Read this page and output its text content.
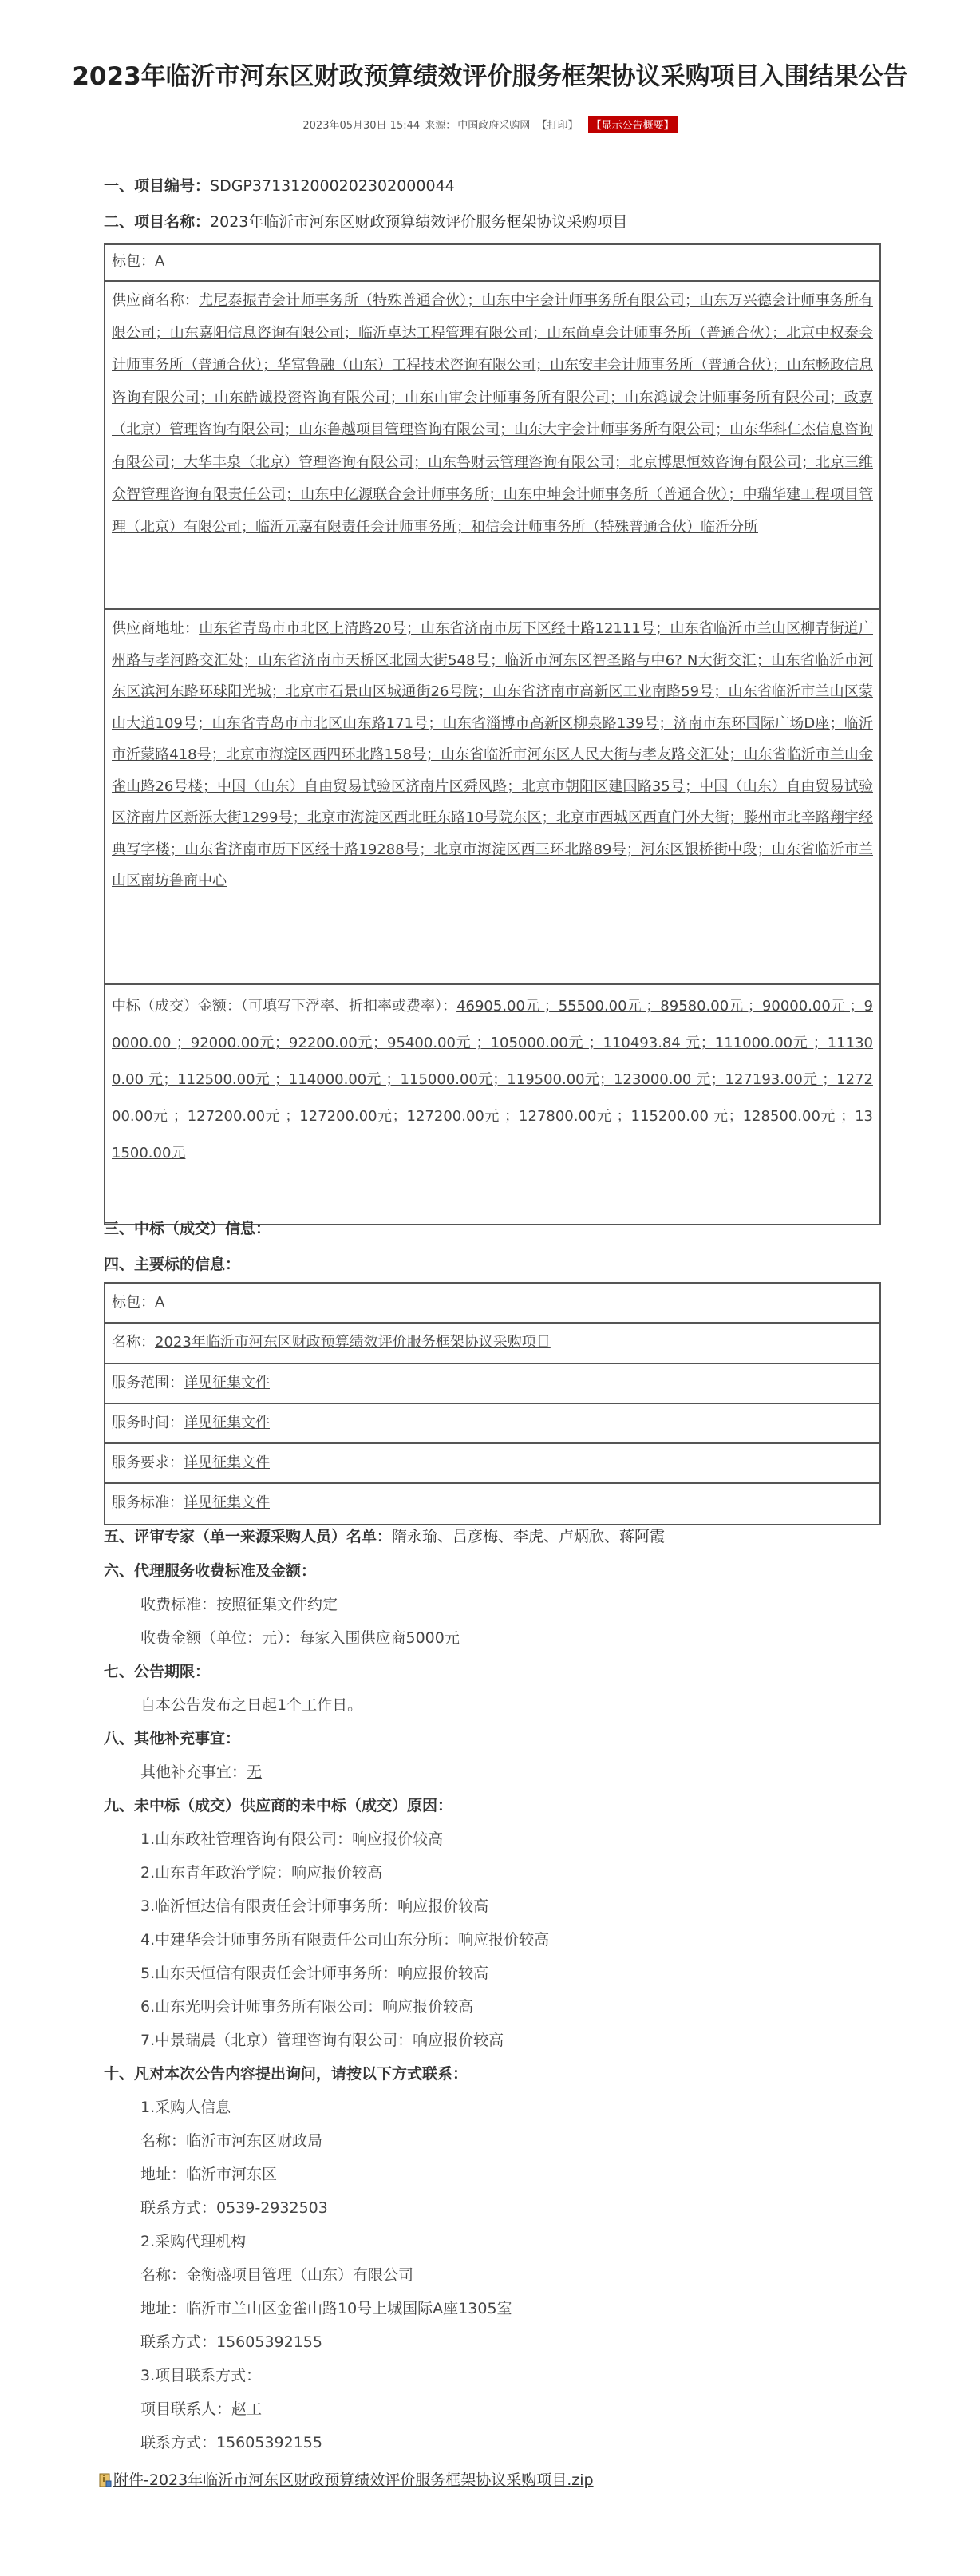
2023年临沂市河东区财政预算绩效评价服务框架协议采购项目入围结果公告
2023年05月30日 15:44 来源： 中国政府采购网 【打印】 【显示公告概要】
一、项目编号：SDGP371312000202302000044
二、项目名称：2023年临沂市河东区财政预算绩效评价服务框架协议采购项目
标包：A
供应商名称：尤尼泰振青会计师事务所（特殊普通合伙）；山东中宇会计师事务所有限公司；山东万兴德会计师事务所有限公司；山东嘉阳信息咨询有限公司；临沂卓达工程管理有限公司；山东尚卓会计师事务所（普通合伙）；北京中权泰会计师事务所（普通合伙）；华富鲁融（山东）工程技术咨询有限公司；山东安丰会计师事务所（普通合伙）；山东畅政信息咨询有限公司；山东皓诚投资咨询有限公司；山东山审会计师事务所有限公司；山东鸿诚会计师事务所有限公司；政嘉（北京）管理咨询有限公司；山东鲁越项目管理咨询有限公司；山东大宇会计师事务所有限公司；山东华科仁杰信息咨询有限公司；大华丰泉（北京）管理咨询有限公司；山东鲁财云管理咨询有限公司；北京博思恒效咨询有限公司；北京三维众智管理咨询有限责任公司；山东中亿源联合会计师事务所；山东中坤会计师事务所（普通合伙）；中瑞华建工程项目管理（北京）有限公司；临沂元嘉有限责任会计师事务所；和信会计师事务所（特殊普通合伙）临沂分所
供应商地址：山东省青岛市市北区上清路20号；山东省济南市历下区经十路12111号；山东省临沂市兰山区柳青街道广州路与孝河路交汇处；山东省济南市天桥区北园大街548号；临沂市河东区智圣路与中6? N大街交汇；山东省临沂市河东区滨河东路环球阳光城；北京市石景山区城通街26号院；山东省济南市高新区工业南路59号；山东省临沂市兰山区蒙山大道109号；山东省青岛市市北区山东路171号；山东省淄博市高新区柳泉路139号；济南市东环国际广场D座；临沂市沂蒙路418号；北京市海淀区西四环北路158号；山东省临沂市河东区人民大街与孝友路交汇处；山东省临沂市兰山金雀山路26号楼；中国（山东）自由贸易试验区济南片区舜风路；北京市朝阳区建国路35号；中国（山东）自由贸易试验区济南片区新泺大街1299号；北京市海淀区西北旺东路10号院东区；北京市西城区西直门外大街；滕州市北辛路翔宇经典写字楼；山东省济南市历下区经十路19288号；北京市海淀区西三环北路89号；河东区银桥街中段；山东省临沂市兰山区南坊鲁商中心
中标（成交）金额：（可填写下浮率、折扣率或费率）：46905.00元 ；55500.00元 ；89580.00元 ；90000.00元 ；90000.00 ；92000.00元；92200.00元；95400.00元 ；105000.00元 ；110493.84 元；111000.00元 ；111300.00 元；112500.00元 ；114000.00元 ；115000.00元；119500.00元；123000.00 元；127193.00元 ；127200.00元 ；127200.00元 ；127200.00元；127200.00元 ；127800.00元 ；115200.00 元；128500.00元 ；131500.00元
三、中标（成交）信息：
四、主要标的信息：
标包：A
名称：2023年临沂市河东区财政预算绩效评价服务框架协议采购项目
服务范围：详见征集文件
服务时间：详见征集文件
服务要求：详见征集文件
服务标准：详见征集文件
五、评审专家（单一来源采购人员）名单：隋永瑜、吕彦梅、李虎、卢炳欣、蒋阿霞
六、代理服务收费标准及金额：
收费标准：按照征集文件约定
收费金额（单位：元）：每家入围供应商5000元
七、公告期限：
自本公告发布之日起1个工作日。
八、其他补充事宜：
其他补充事宜：无
九、未中标（成交）供应商的未中标（成交）原因：
1.山东政社管理咨询有限公司：响应报价较高
2.山东青年政治学院：响应报价较高
3.临沂恒达信有限责任会计师事务所：响应报价较高
4.中建华会计师事务所有限责任公司山东分所：响应报价较高
5.山东天恒信有限责任会计师事务所：响应报价较高
6.山东光明会计师事务所有限公司：响应报价较高
7.中景瑞晨（北京）管理咨询有限公司：响应报价较高
十、凡对本次公告内容提出询问，请按以下方式联系：
1.采购人信息
名称：临沂市河东区财政局
地址：临沂市河东区
联系方式：0539-2932503
2.采购代理机构
名称：金衡盛项目管理（山东）有限公司
地址：临沂市兰山区金雀山路10号上城国际A座1305室
联系方式：15605392155
3.项目联系方式：
项目联系人：赵工
联系方式：15605392155
附件-2023年临沂市河东区财政预算绩效评价服务框架协议采购项目.zip
